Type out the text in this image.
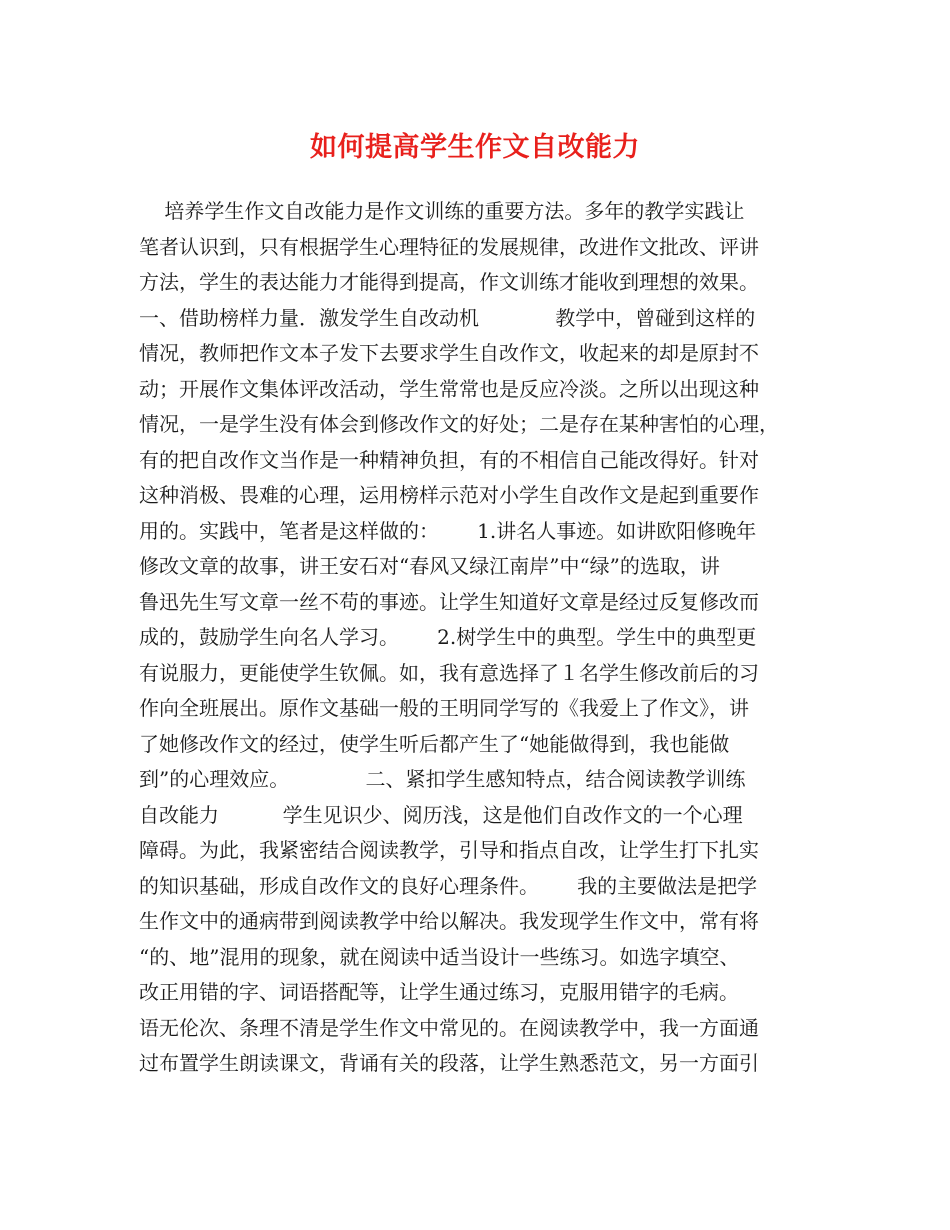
如何提高学生作文自改能力
培养学生作文自改能力是作文训练的重要方法。多年的教学实践让
笔者认识到，只有根据学生心理特征的发展规律，改进作文批改、评讲
方法，学生的表达能力才能得到提高，作文训练才能收到理想的效果。
一、借助榜样力量．激发学生自改动机            教学中，曾碰到这样的
情况，教师把作文本子发下去要求学生自改作文，收起来的却是原封不
动；开展作文集体评改活动，学生常常也是反应冷淡。之所以出现这种
情况，一是学生没有体会到修改作文的好处；二是存在某种害怕的心理，
有的把自改作文当作是一种精神负担，有的不相信自己能改得好。针对
这种消极、畏难的心理，运用榜样示范对小学生自改作文是起到重要作
用的。实践中，笔者是这样做的：      1.讲名人事迹。如讲欧阳修晚年
修改文章的故事，讲王安石对“春风又绿江南岸”中“绿”的选取，讲
鲁迅先生写文章一丝不苟的事迹。让学生知道好文章是经过反复修改而
成的，鼓励学生向名人学习。      2.树学生中的典型。学生中的典型更
有说服力，更能使学生钦佩。如，我有意选择了１名学生修改前后的习
作向全班展出。原作文基础一般的王明同学写的《我爱上了作文》，讲
了她修改作文的经过，使学生听后都产生了“她能做得到，我也能做
到”的心理效应。            二、紧扣学生感知特点，结合阅读教学训练
自改能力          学生见识少、阅历浅，这是他们自改作文的一个心理
障碍。为此，我紧密结合阅读教学，引导和指点自改，让学生打下扎实
的知识基础，形成自改作文的良好心理条件。      我的主要做法是把学
生作文中的通病带到阅读教学中给以解决。我发现学生作文中，常有将
“的、地”混用的现象，就在阅读中适当设计一些练习。如选字填空、
改正用错的字、词语搭配等，让学生通过练习，克服用错字的毛病。
语无伦次、条理不清是学生作文中常见的。在阅读教学中，我一方面通
过布置学生朗读课文，背诵有关的段落，让学生熟悉范文，另一方面引
